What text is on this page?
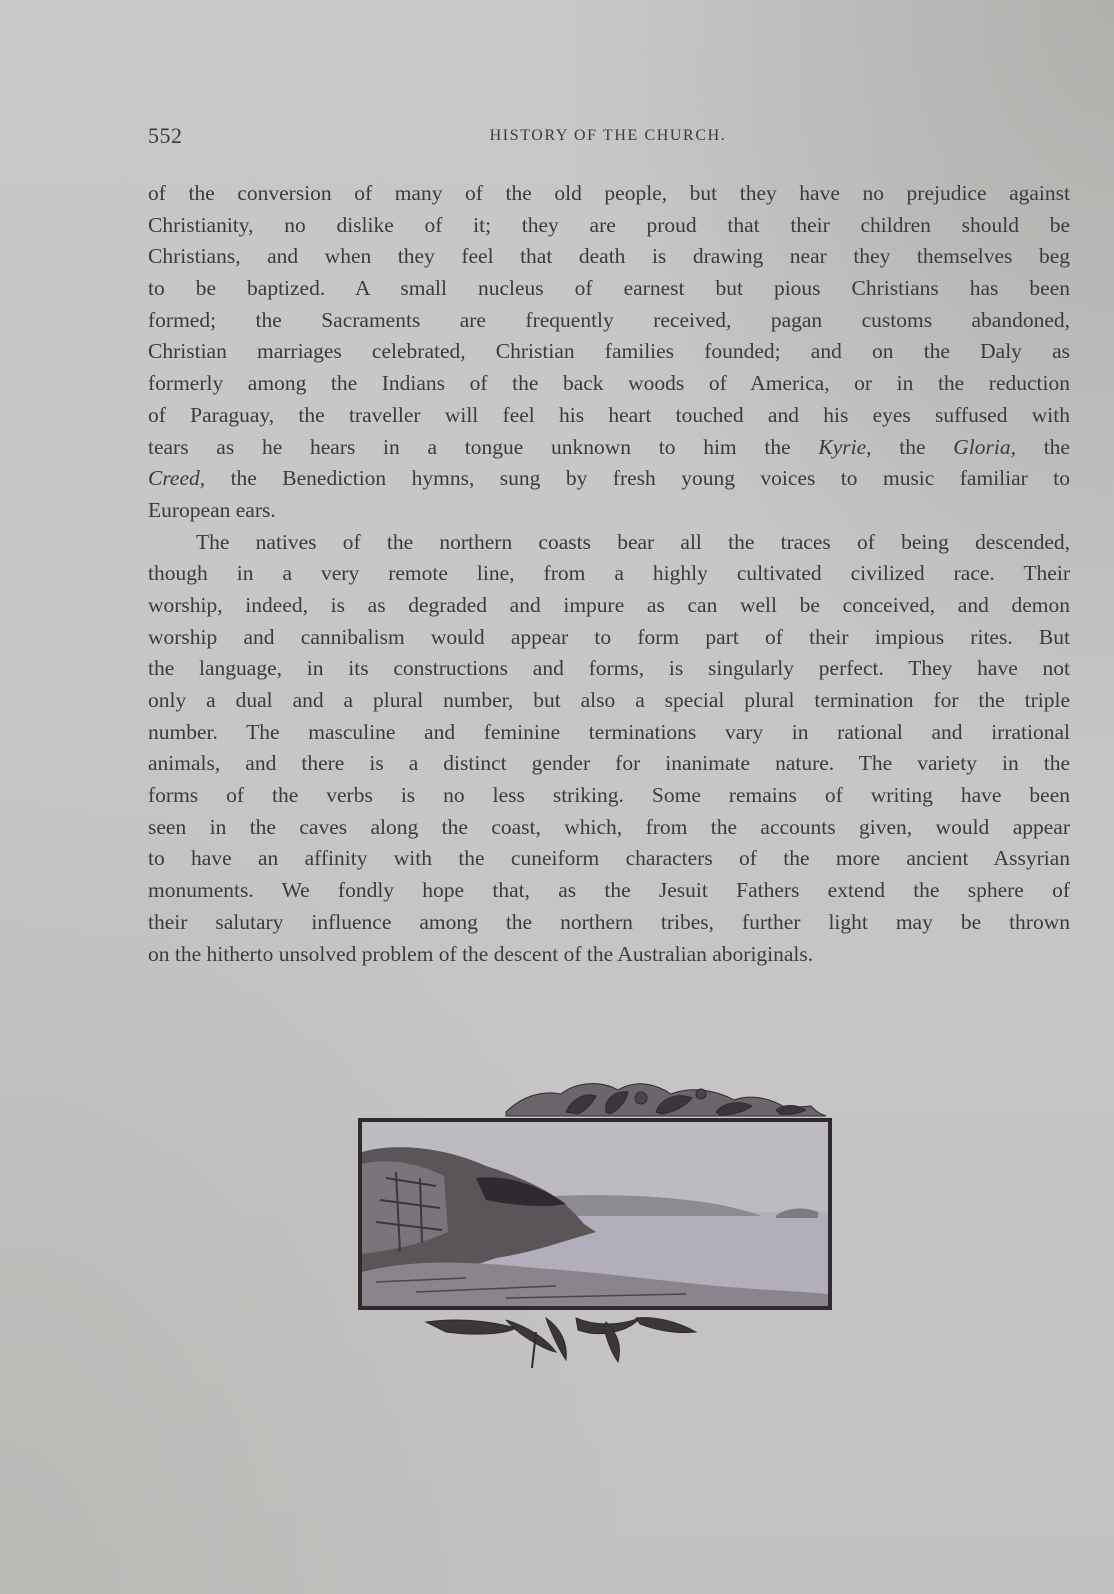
552	HISTORY OF THE CHURCH.
of the conversion of many of the old people, but they have no prejudice against
Christianity, no dislike of it; they are proud that their children should be
Christians, and when they feel that death is drawing near they themselves beg
to be baptized. A small nucleus of earnest but pious Christians has been
formed; the Sacraments are frequently received, pagan customs abandoned,
Christian marriages celebrated, Christian families founded; and on the Daly as
formerly among the Indians of the back woods of America, or in the reduction
of Paraguay, the traveller will feel his heart touched and his eyes suffused with
tears as he hears in a tongue unknown to him the Kyrie, the Gloria, the
Creed, the Benediction hymns, sung by fresh young voices to music familiar to
European ears.
The natives of the northern coasts bear all the traces of being descended,
though in a very remote line, from a highly cultivated civilized race. Their
worship, indeed, is as degraded and impure as can well be conceived, and demon
worship and cannibalism would appear to form part of their impious rites. But
the language, in its constructions and forms, is singularly perfect. They have not
only a dual and a plural number, but also a special plural termination for the triple
number. The masculine and feminine terminations vary in rational and irrational
animals, and there is a distinct gender for inanimate nature. The variety in the
forms of the verbs is no less striking. Some remains of writing have been
seen in the caves along the coast, which, from the accounts given, would appear
to have an affinity with the cuneiform characters of the more ancient Assyrian
monuments. We fondly hope that, as the Jesuit Fathers extend the sphere of
their salutary influence among the northern tribes, further light may be thrown
on the hitherto unsolved problem of the descent of the Australian aboriginals.
